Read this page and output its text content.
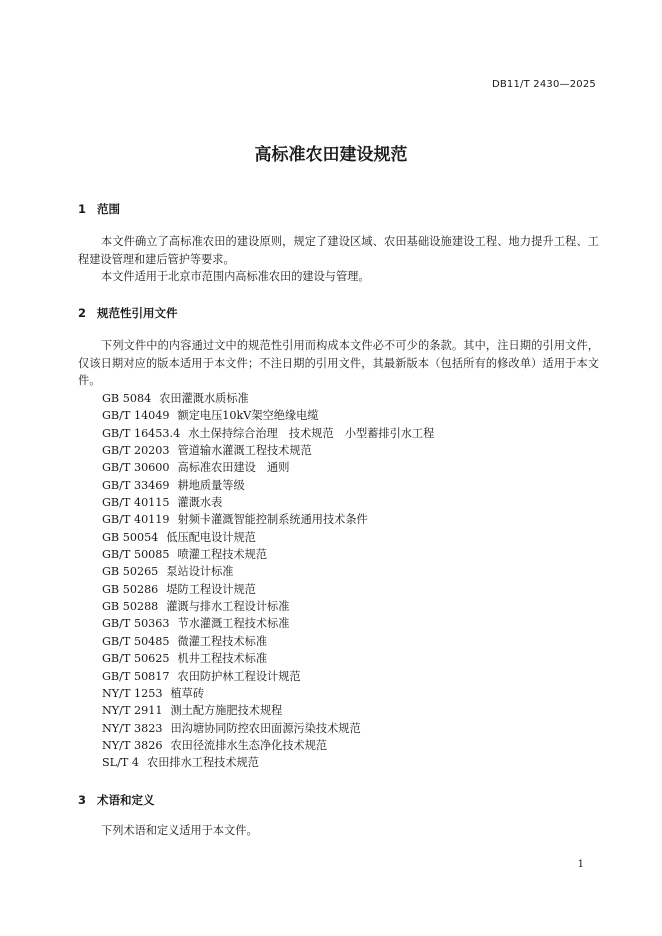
DB11/T 2430—2025
高标准农田建设规范
1 范围

本文件确立了高标准农田的建设原则，规定了建设区域、农田基础设施建设工程、地力提升工程、工程建设管理和建后管护等要求。

本文件适用于北京市范围内高标准农田的建设与管理。

2 规范性引用文件

下列文件中的内容通过文中的规范性引用而构成本文件必不可少的条款。其中，注日期的引用文件，仅该日期对应的版本适用于本文件；不注日期的引用文件，其最新版本（包括所有的修改单）适用于本文件。

GB 5084 农田灌溉水质标准
GB/T 14049 额定电压10kV架空绝缘电缆
GB/T 16453.4 水土保持综合治理　技术规范　小型蓄排引水工程
GB/T 20203 管道输水灌溉工程技术规范
GB/T 30600 高标准农田建设　通则
GB/T 33469 耕地质量等级
GB/T 40115 灌溉水表
GB/T 40119 射频卡灌溉智能控制系统通用技术条件
GB 50054 低压配电设计规范
GB/T 50085 喷灌工程技术规范
GB 50265 泵站设计标准
GB 50286 堤防工程设计规范
GB 50288 灌溉与排水工程设计标准
GB/T 50363 节水灌溉工程技术标准
GB/T 50485 微灌工程技术标准
GB/T 50625 机井工程技术标准
GB/T 50817 农田防护林工程设计规范
NY/T 1253 植草砖
NY/T 2911 测土配方施肥技术规程
NY/T 3823 田沟塘协同防控农田面源污染技术规范
NY/T 3826 农田径流排水生态净化技术规范
SL/T 4 农田排水工程技术规范
3 术语和定义

下列术语和定义适用于本文件。

1
